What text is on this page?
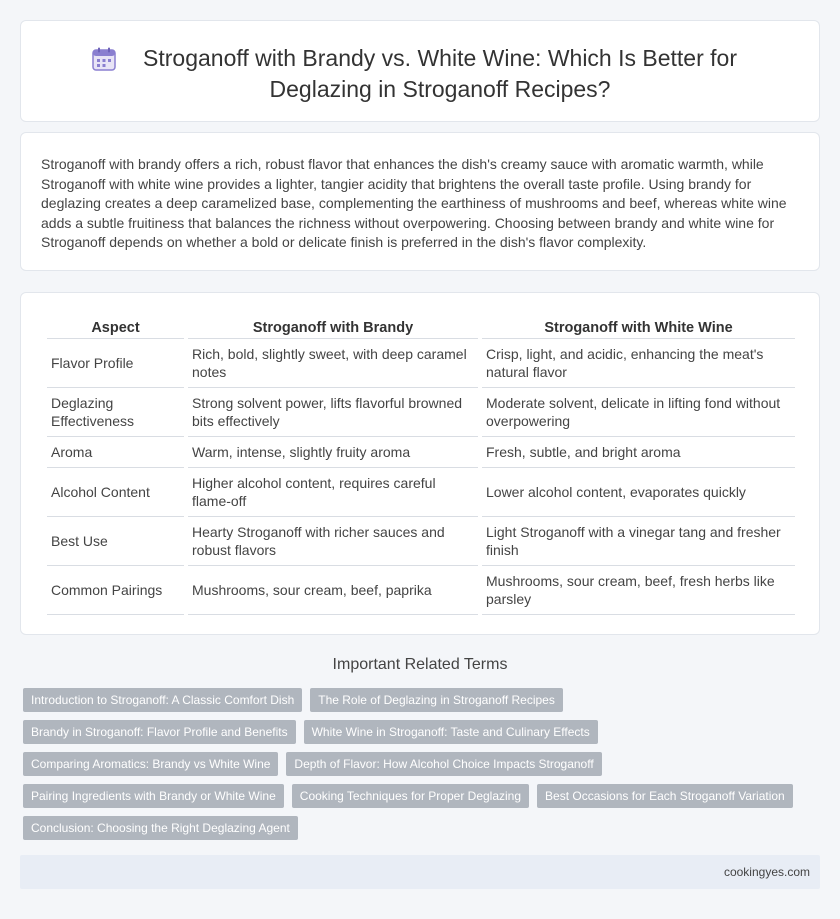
Stroganoff with Brandy vs. White Wine: Which Is Better for Deglazing in Stroganoff Recipes?

Stroganoff with brandy offers a rich, robust flavor that enhances the dish's creamy sauce with aromatic warmth, while Stroganoff with white wine provides a lighter, tangier acidity that brightens the overall taste profile. Using brandy for deglazing creates a deep caramelized base, complementing the earthiness of mushrooms and beef, whereas white wine adds a subtle fruitiness that balances the richness without overpowering. Choosing between brandy and white wine for Stroganoff depends on whether a bold or delicate finish is preferred in the dish's flavor complexity.

Aspect	Stroganoff with Brandy	Stroganoff with White Wine
Flavor Profile	Rich, bold, slightly sweet, with deep caramel notes	Crisp, light, and acidic, enhancing the meat's natural flavor
Deglazing Effectiveness	Strong solvent power, lifts flavorful browned bits effectively	Moderate solvent, delicate in lifting fond without overpowering
Aroma	Warm, intense, slightly fruity aroma	Fresh, subtle, and bright aroma
Alcohol Content	Higher alcohol content, requires careful flame-off	Lower alcohol content, evaporates quickly
Best Use	Hearty Stroganoff with richer sauces and robust flavors	Light Stroganoff with a vinegar tang and fresher finish
Common Pairings	Mushrooms, sour cream, beef, paprika	Mushrooms, sour cream, beef, fresh herbs like parsley
Important Related Terms
Introduction to Stroganoff: A Classic Comfort Dish	The Role of Deglazing in Stroganoff Recipes
Brandy in Stroganoff: Flavor Profile and Benefits	White Wine in Stroganoff: Taste and Culinary Effects
Comparing Aromatics: Brandy vs White Wine	Depth of Flavor: How Alcohol Choice Impacts Stroganoff
Pairing Ingredients with Brandy or White Wine	Cooking Techniques for Proper Deglazing	Best Occasions for Each Stroganoff Variation
Conclusion: Choosing the Right Deglazing Agent
cookingyes.com
